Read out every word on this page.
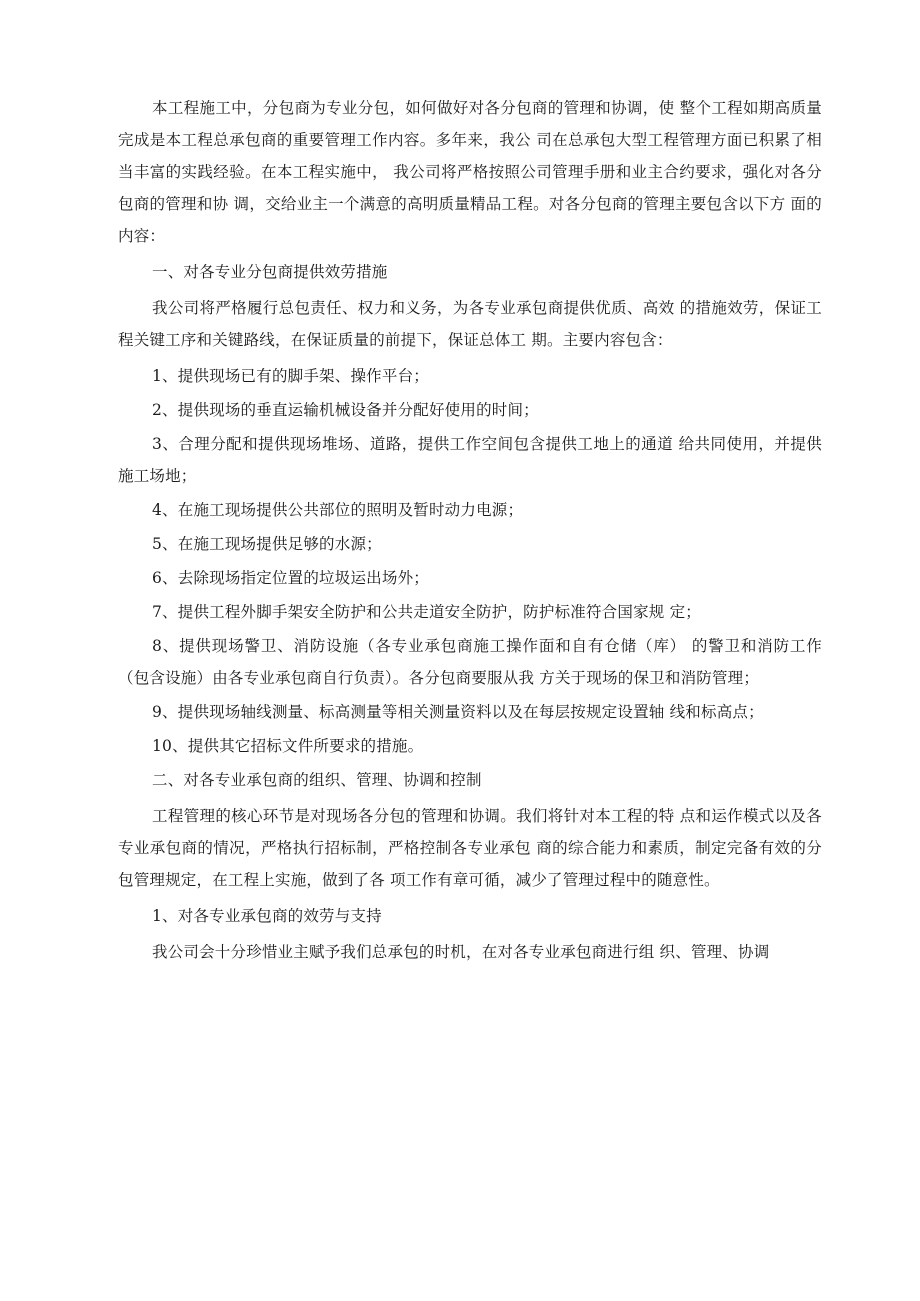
本工程施工中，分包商为专业分包，如何做好对各分包商的管理和协调，使 整个工程如期高质量完成是本工程总承包商的重要管理工作内容。多年来，我公 司在总承包大型工程管理方面已积累了相当丰富的实践经验。在本工程实施中， 我公司将严格按照公司管理手册和业主合约要求，强化对各分包商的管理和协 调，交给业主一个满意的高明质量精品工程。对各分包商的管理主要包含以下方 面的内容：

一、对各专业分包商提供效劳措施

我公司将严格履行总包责任、权力和义务，为各专业承包商提供优质、高效 的措施效劳，保证工程关键工序和关键路线，在保证质量的前提下，保证总体工 期。主要内容包含：

1、提供现场已有的脚手架、操作平台；

2、提供现场的垂直运输机械设备并分配好使用的时间；

3、合理分配和提供现场堆场、道路，提供工作空间包含提供工地上的通道 给共同使用，并提供施工场地；

4、在施工现场提供公共部位的照明及暂时动力电源；

5、在施工现场提供足够的水源；

6、去除现场指定位置的垃圾运出场外；

7、提供工程外脚手架安全防护和公共走道安全防护，防护标准符合国家规 定；

8、提供现场警卫、消防设施（各专业承包商施工操作面和自有仓储（库） 的警卫和消防工作（包含设施）由各专业承包商自行负责）。各分包商要服从我 方关于现场的保卫和消防管理；

9、提供现场轴线测量、标高测量等相关测量资料以及在每层按规定设置轴 线和标高点；

10、提供其它招标文件所要求的措施。

二、对各专业承包商的组织、管理、协调和控制

工程管理的核心环节是对现场各分包的管理和协调。我们将针对本工程的特 点和运作模式以及各专业承包商的情况，严格执行招标制，严格控制各专业承包 商的综合能力和素质，制定完备有效的分包管理规定，在工程上实施，做到了各 项工作有章可循，减少了管理过程中的随意性。

1、对各专业承包商的效劳与支持

我公司会十分珍惜业主赋予我们总承包的时机，在对各专业承包商进行组 织、管理、协调
